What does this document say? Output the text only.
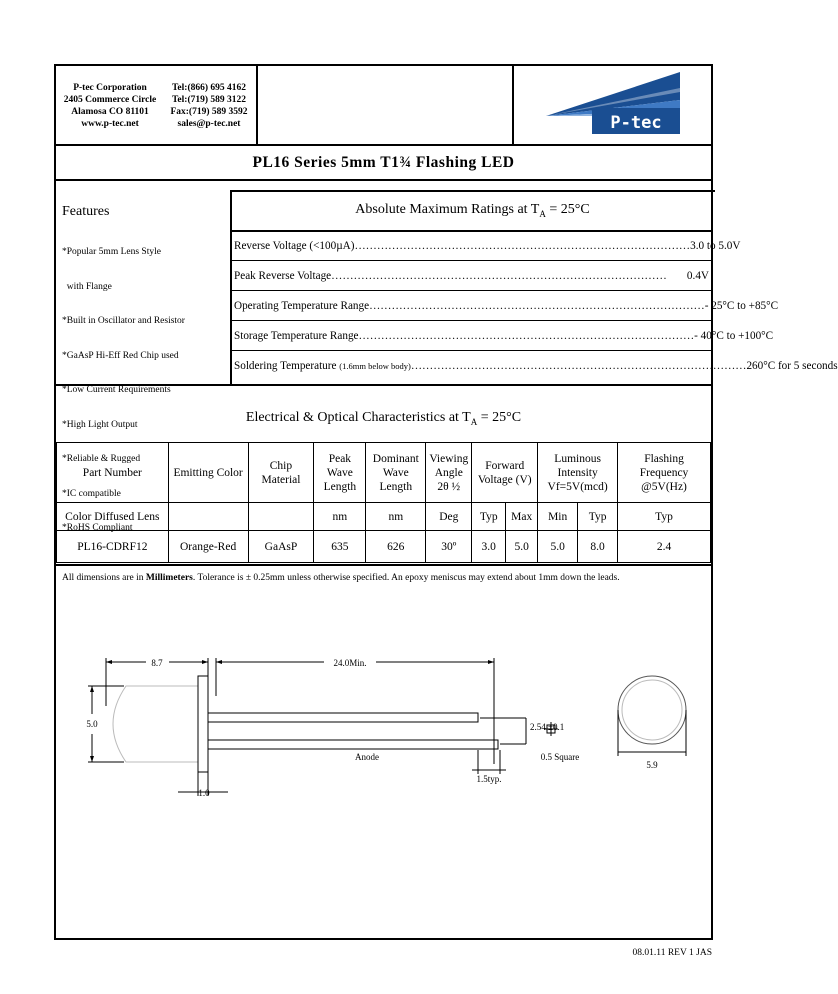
P-tec Corporation
2405 Commerce Circle
Alamosa CO 81101
www.p-tec.net
Tel:(866) 695 4162
Tel:(719) 589 3122
Fax:(719) 589 3592
sales@p-tec.net	P-tec
PL16 Series 5mm T1¾ Flashing LED
Features

*Popular 5mm Lens Style

with Flange

*Built in Oscillator and Resistor

*GaAsP Hi-Eff Red Chip used

*Low Current Requirements

*High Light Output

*Reliable & Rugged

*IC compatible

*RoHS Compliant

Absolute Maximum Ratings at $T_A = 25^\circ C$
Reverse Voltage (<100µA) ……………………………………………………………………………… 3.0 to 5.0V
Peak Reverse Voltage ………………………………………………………………………………	0.4V
Operating Temperature Range ……………………………………………………………………………… - 25°C to +85°C
Storage Temperature Range ……………………………………………………………………………… - 40°C to +100°C
Soldering Temperature (1.6mm below body) ……………………………………………………………………………… 260°C for 5 seconds
Electrical & Optical Characteristics at $T_A = 25^\circ C$
Part Number	Emitting Color	Chip Material	Peak Wave Length	Dominant Wave Length	Viewing Angle 2θ ½	Forward Voltage (V)		Luminous Intensity Vf=5V(mcd)		Flashing Frequency @5V(Hz)
Color Diffused Lens			nm	nm	Deg	Typ	Max	Min	Typ	Typ
PL16-CDRF12	Orange-Red	GaAsP	635	626	30º	3.0	5.0	5.0	8.0	2.4
All dimensions are in Millimeters. Tolerance is ± 0.25mm unless otherwise specified. An epoxy meniscus may extend about 1mm down the leads.
8.7	24.0Min.
5.0	2.54 ±0.1
Anode	0.5 Square
1.5typ.
1.0
5.9
08.01.11 REV 1 JAS
